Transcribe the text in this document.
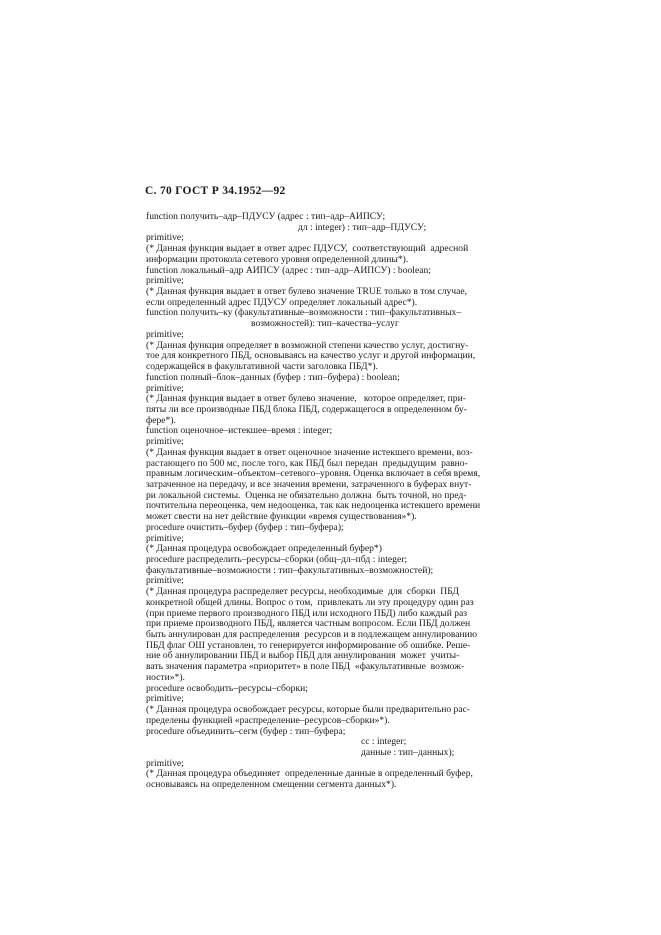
С. 70 ГОСТ Р 34.1952—92
function получить–адр–ПДУСУ (адрес : тип–адр–АИПСУ;
дл : integer) : тип–адр–ПДУСУ;
primitive;
(* Данная функция выдает в ответ адрес ПДУСУ,  соответствующий  адресной
информации протокола сетевого уровня определенной длины*).
function локальный–адр АИПСУ (адрес : тип–адр–АИПСУ) : boolean;
primitive;
(* Данная функция выдает в ответ булево значение TRUE только в том случае,
если определенный адрес ПДУСУ определяет локальный адрес*).
function получить–ку (факультативные–возможности : тип–факультативных–
возможностей): тип–качества–услуг
primitive;
(* Данная функция определяет в возможной степени качество услуг, достигну-
тое для конкретного ПБД, основываясь на качество услуг и другой информации,
содержащейся в факультативной части заголовка ПБД*).
function полный–блок–данных (буфер : тип–буфера) : boolean;
primitive;
(* Данная функция выдает в ответ булево значение,   которое определяет, при-
пяты ли все производные ПБД блока ПБД, содержащегося в определенном бу-
фере*).
function оценочное–истекшее–время : integer;
primitive;
(* Данная функция выдает в ответ оценочное значение истекшего времени, воз-
растающего по 500 мс, после того, как ПБД был передан  предыдущим  равно-
правным логическим–объектом–сетевого–уровня. Оценка включает в себя время,
затраченное на передачу, и все значения времени, затраченного в буферах внут-
ри локальной системы.  Оценка не обязательно должна  быть точной, но пред-
почтительна переоценка, чем недооценка, так как недооценка истекшего времени
может свести на нет действие функции «время существования»*).
procedure очистить–буфер (буфер : тип–буфера);
primitive;
(* Данная процедура освобождает определенный буфер*)
procedure распределить–ресурсы–сборки (общ–дл–пбд : integer;
факультативные–возможности : тип–факультативных–возможностей);
primitive;
(* Данная процедура распределяет ресурсы, необходимые  для  сборки  ПБД
конкретной общей длины. Вопрос о том,  привлекать ли эту процедуру один раз
(при приеме первого производного ПБД или исходного ПБД) либо каждый раз
при приеме производного ПБД, является частным вопросом. Если ПБД должен
быть аннулирован для распределения  ресурсов и в подлежащем аннулированию
ПБД флаг ОШ установлен, то генерируется информирование об ошибке. Реше-
ние об аннулировании ПБД и выбор ПБД для аннулирования  может  учиты-
вать значения параметра «приоритет» в поле ПБД  «факультативные  возмож-
ности»*).
procedure освободить–ресурсы–сборки;
primitive;
(* Данная процедура освобождает ресурсы, которые были предварительно рас-
пределены функцией «распределение–ресурсов–сборки»*).
procedure объединить–сегм (буфер : тип–буфера;
сс : integer;
данные : тип–данных);
primitive;
(* Данная процедура объединяет  определенные данные в определенный буфер,
основываясь на определенном смещении сегмента данных*).
